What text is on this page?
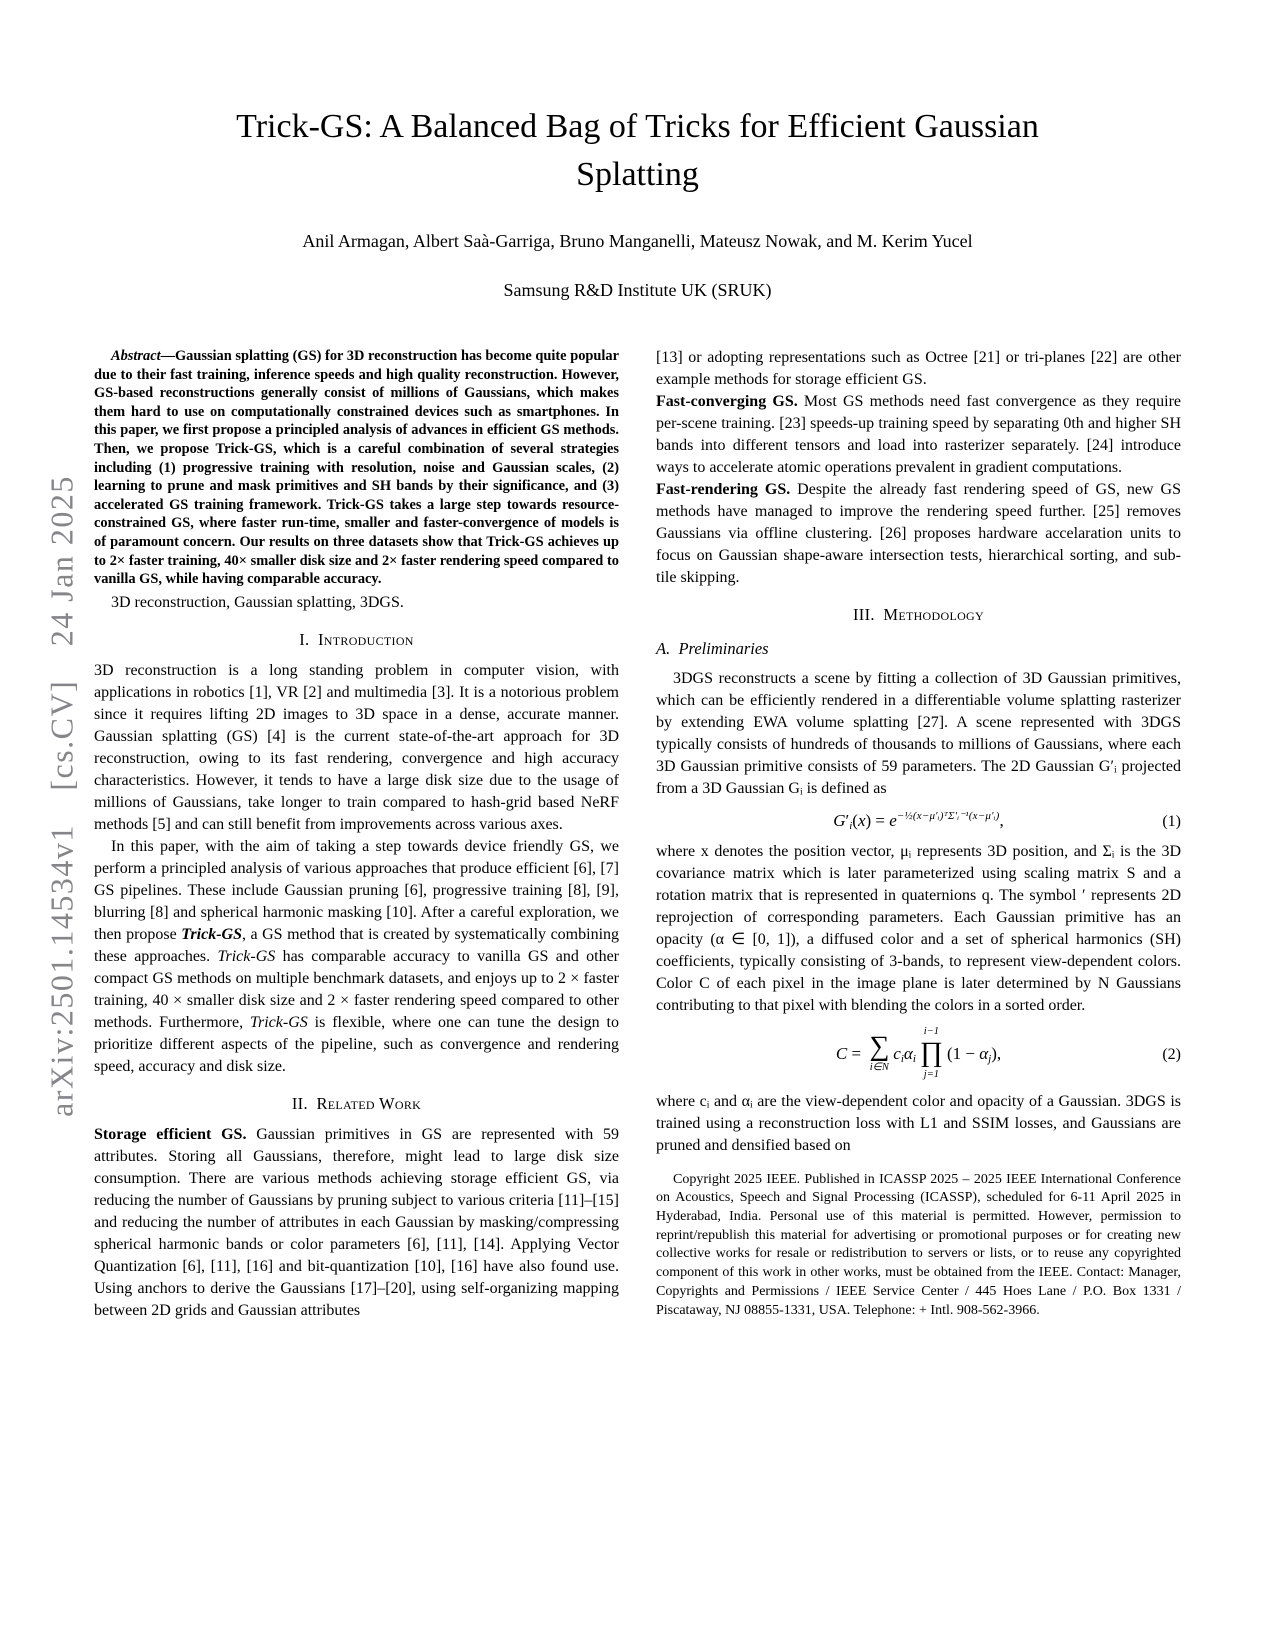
arXiv:2501.14534v1 [cs.CV] 24 Jan 2025
Trick-GS: A Balanced Bag of Tricks for Efficient Gaussian
Splatting
Anil Armagan, Albert Saà-Garriga, Bruno Manganelli, Mateusz Nowak, and M. Kerim Yucel
Samsung R&D Institute UK (SRUK)

Abstract—Gaussian splatting (GS) for 3D reconstruction has become quite popular due to their fast training, inference speeds and high quality reconstruction. However, GS-based reconstructions generally consist of millions of Gaussians, which makes them hard to use on computationally constrained devices such as smartphones. In this paper, we first propose a principled analysis of advances in efficient GS methods. Then, we propose Trick-GS, which is a careful combination of several strategies including (1) progressive training with resolution, noise and Gaussian scales, (2) learning to prune and mask primitives and SH bands by their significance, and (3) accelerated GS training framework. Trick-GS takes a large step towards resource-constrained GS, where faster run-time, smaller and faster-convergence of models is of paramount concern. Our results on three datasets show that Trick-GS achieves up to 2× faster training, 40× smaller disk size and 2× faster rendering speed compared to vanilla GS, while having comparable accuracy.

3D reconstruction, Gaussian splatting, 3DGS.

I. Introduction

3D reconstruction is a long standing problem in computer vision, with applications in robotics [1], VR [2] and multimedia [3]. It is a notorious problem since it requires lifting 2D images to 3D space in a dense, accurate manner. Gaussian splatting (GS) [4] is the current state-of-the-art approach for 3D reconstruction, owing to its fast rendering, convergence and high accuracy characteristics. However, it tends to have a large disk size due to the usage of millions of Gaussians, take longer to train compared to hash-grid based NeRF methods [5] and can still benefit from improvements across various axes.

In this paper, with the aim of taking a step towards device friendly GS, we perform a principled analysis of various approaches that produce efficient [6], [7] GS pipelines. These include Gaussian pruning [6], progressive training [8], [9], blurring [8] and spherical harmonic masking [10]. After a careful exploration, we then propose Trick-GS, a GS method that is created by systematically combining these approaches. Trick-GS has comparable accuracy to vanilla GS and other compact GS methods on multiple benchmark datasets, and enjoys up to 2 × faster training, 40 × smaller disk size and 2 × faster rendering speed compared to other methods. Furthermore, Trick-GS is flexible, where one can tune the design to prioritize different aspects of the pipeline, such as convergence and rendering speed, accuracy and disk size.

II. Related Work

Storage efficient GS. Gaussian primitives in GS are represented with 59 attributes. Storing all Gaussians, therefore, might lead to large disk size consumption. There are various methods achieving storage efficient GS, via reducing the number of Gaussians by pruning subject to various criteria [11]–[15] and reducing the number of attributes in each Gaussian by masking/compressing spherical harmonic bands or color parameters [6], [11], [14]. Applying Vector Quantization [6], [11], [16] and bit-quantization [10], [16] have also found use. Using anchors to derive the Gaussians [17]–[20], using self-organizing mapping between 2D grids and Gaussian attributes

[13] or adopting representations such as Octree [21] or tri-planes [22] are other example methods for storage efficient GS.

Fast-converging GS. Most GS methods need fast convergence as they require per-scene training. [23] speeds-up training speed by separating 0th and higher SH bands into different tensors and load into rasterizer separately. [24] introduce ways to accelerate atomic operations prevalent in gradient computations.

Fast-rendering GS. Despite the already fast rendering speed of GS, new GS methods have managed to improve the rendering speed further. [25] removes Gaussians via offline clustering. [26] proposes hardware accelaration units to focus on Gaussian shape-aware intersection tests, hierarchical sorting, and sub-tile skipping.

III. Methodology
A. Preliminaries

3DGS reconstructs a scene by fitting a collection of 3D Gaussian primitives, which can be efficiently rendered in a differentiable volume splatting rasterizer by extending EWA volume splatting [27]. A scene represented with 3DGS typically consists of hundreds of thousands to millions of Gaussians, where each 3D Gaussian primitive consists of 59 parameters. The 2D Gaussian G′ᵢ projected from a 3D Gaussian Gᵢ is defined as

$G'_i(x) = e^{-\frac{1}{2}(x-\mu'ᵢ)ᵀ\Sigma'ᵢ^{-1}(x-\mu'ᵢ)}$,	(1)

where x denotes the position vector, μᵢ represents 3D position, and Σᵢ is the 3D covariance matrix which is later parameterized using scaling matrix S and a rotation matrix that is represented in quaternions q. The symbol ′ represents 2D reprojection of corresponding parameters. Each Gaussian primitive has an opacity (α ∈ [0, 1]), a diffused color and a set of spherical harmonics (SH) coefficients, typically consisting of 3-bands, to represent view-dependent colors. Color C of each pixel in the image plane is later determined by N Gaussians contributing to that pixel with blending the colors in a sorted order.

C = ∑
i∈N
$c_i\alpha_i$
i−1
∏
j=1
$(1 - \alpha_j)$,	(2)

where cᵢ and αᵢ are the view-dependent color and opacity of a Gaussian. 3DGS is trained using a reconstruction loss with L1 and SSIM losses, and Gaussians are pruned and densified based on

Copyright 2025 IEEE. Published in ICASSP 2025 – 2025 IEEE International Conference on Acoustics, Speech and Signal Processing (ICASSP), scheduled for 6-11 April 2025 in Hyderabad, India. Personal use of this material is permitted. However, permission to reprint/republish this material for advertising or promotional purposes or for creating new collective works for resale or redistribution to servers or lists, or to reuse any copyrighted component of this work in other works, must be obtained from the IEEE. Contact: Manager, Copyrights and Permissions / IEEE Service Center / 445 Hoes Lane / P.O. Box 1331 / Piscataway, NJ 08855-1331, USA. Telephone: + Intl. 908-562-3966.
